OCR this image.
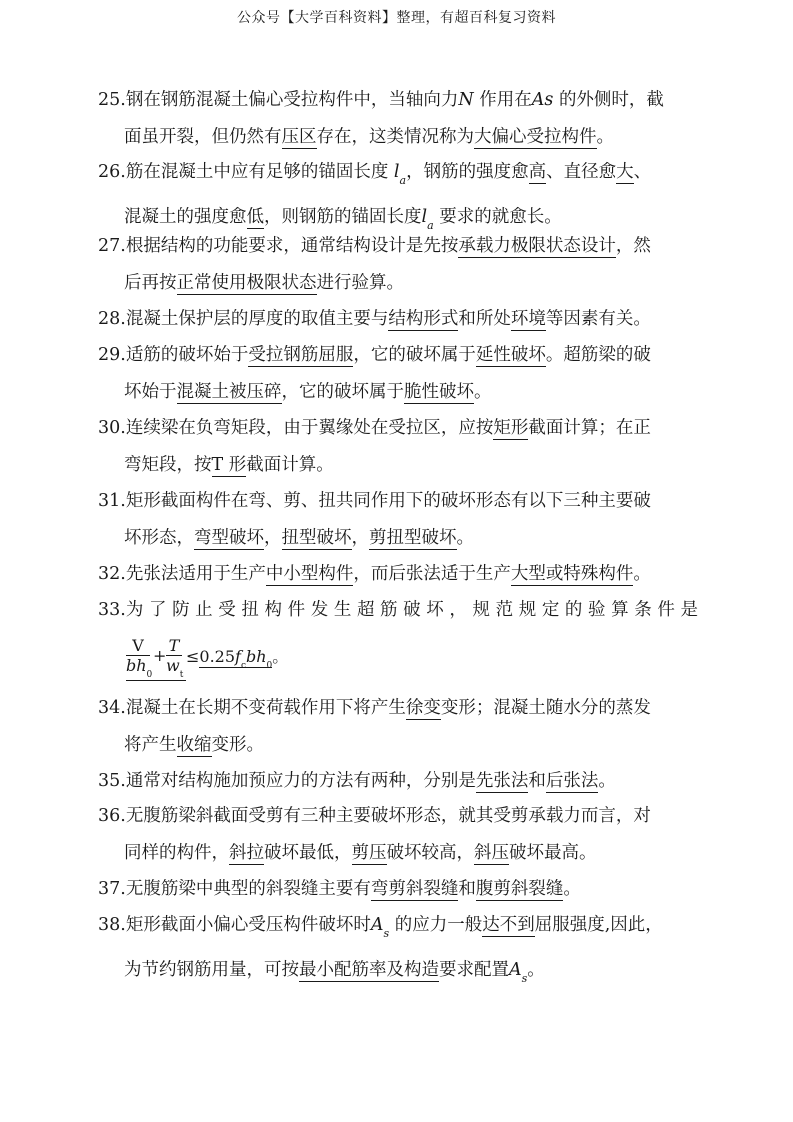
公众号【大学百科资料】整理，有超百科复习资料
25.钢在钢筋混凝土偏心受拉构件中，当轴向力N 作用在As 的外侧时，截
面虽开裂，但仍然有压区存在，这类情况称为大偏心受拉构件。
26.筋在混凝土中应有足够的锚固长度 $l_a$，钢筋的强度愈高、直径愈大、
混凝土的强度愈低，则钢筋的锚固长度$l_a$ 要求的就愈长。
27.根据结构的功能要求，通常结构设计是先按承载力极限状态设计，然
后再按正常使用极限状态进行验算。
28.混凝土保护层的厚度的取值主要与结构形式和所处环境等因素有关。
29.适筋的破坏始于受拉钢筋屈服，它的破坏属于延性破坏。超筋梁的破
坏始于混凝土被压碎，它的破坏属于脆性破坏。
30.连续梁在负弯矩段，由于翼缘处在受拉区，应按矩形截面计算；在正
弯矩段，按T 形截面计算。
31.矩形截面构件在弯、剪、扭共同作用下的破坏形态有以下三种主要破
坏形态，弯型破坏，扭型破坏，剪扭型破坏。
32.先张法适用于生产中小型构件，而后张法适于生产大型或特殊构件。
33.为 了 防 止 受 扭 构 件 发 生 超 筋 破 坏 ， 规 范 规 定 的 验 算 条 件 是
V
$bh_0$
+
T
$w_t$
$\le 0.25f_cbh_0$。
34.混凝土在长期不变荷载作用下将产生徐变变形；混凝土随水分的蒸发
将产生收缩变形。
35.通常对结构施加预应力的方法有两种，分别是先张法和后张法。
36.无腹筋梁斜截面受剪有三种主要破坏形态，就其受剪承载力而言，对
同样的构件，斜拉破坏最低，剪压破坏较高，斜压破坏最高。
37.无腹筋梁中典型的斜裂缝主要有弯剪斜裂缝和腹剪斜裂缝。
38.矩形截面小偏心受压构件破坏时$A_s$ 的应力一般达不到屈服强度,因此，
为节约钢筋用量，可按最小配筋率及构造要求配置$A_s$。
